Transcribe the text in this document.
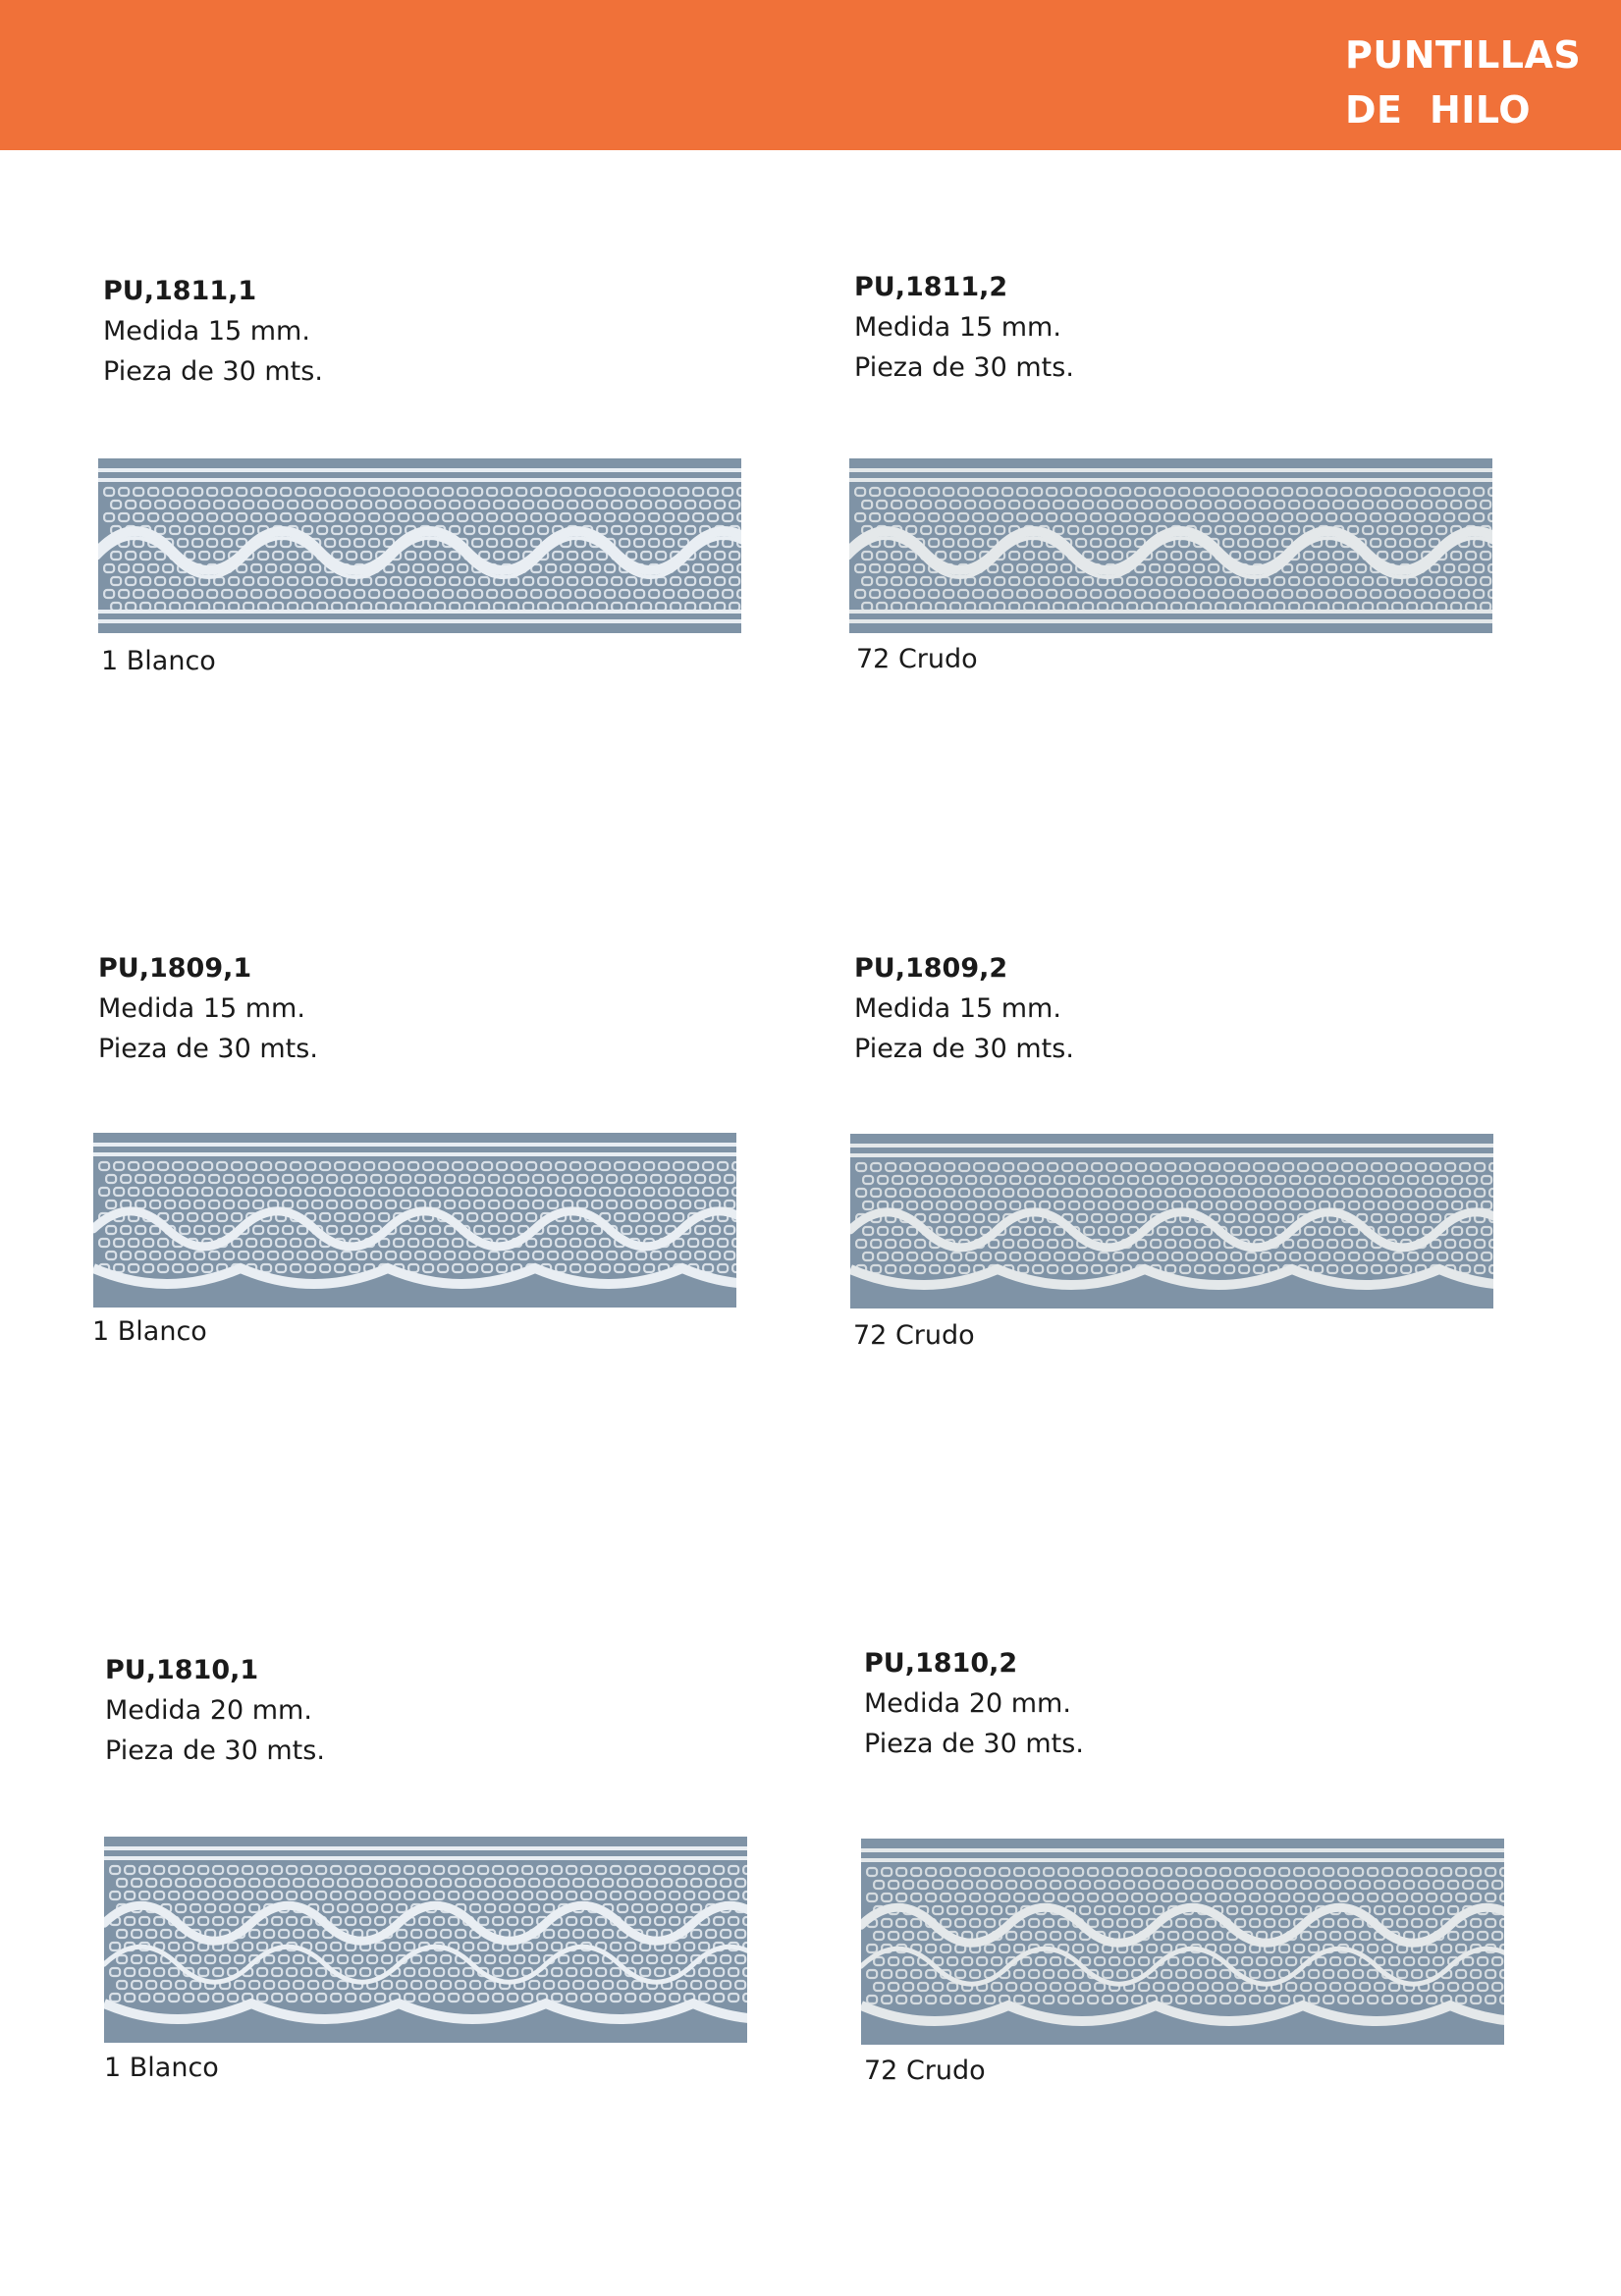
PUNTILLAS
DE  HILO
PU,1811,1
Medida 15 mm.
Pieza de 30 mts.
1 Blanco
PU,1811,2
Medida 15 mm.
Pieza de 30 mts.
72 Crudo
PU,1809,1
Medida 15 mm.
Pieza de 30 mts.
1 Blanco
PU,1809,2
Medida 15 mm.
Pieza de 30 mts.
72 Crudo
PU,1810,1
Medida 20 mm.
Pieza de 30 mts.
1 Blanco
PU,1810,2
Medida 20 mm.
Pieza de 30 mts.
72 Crudo
